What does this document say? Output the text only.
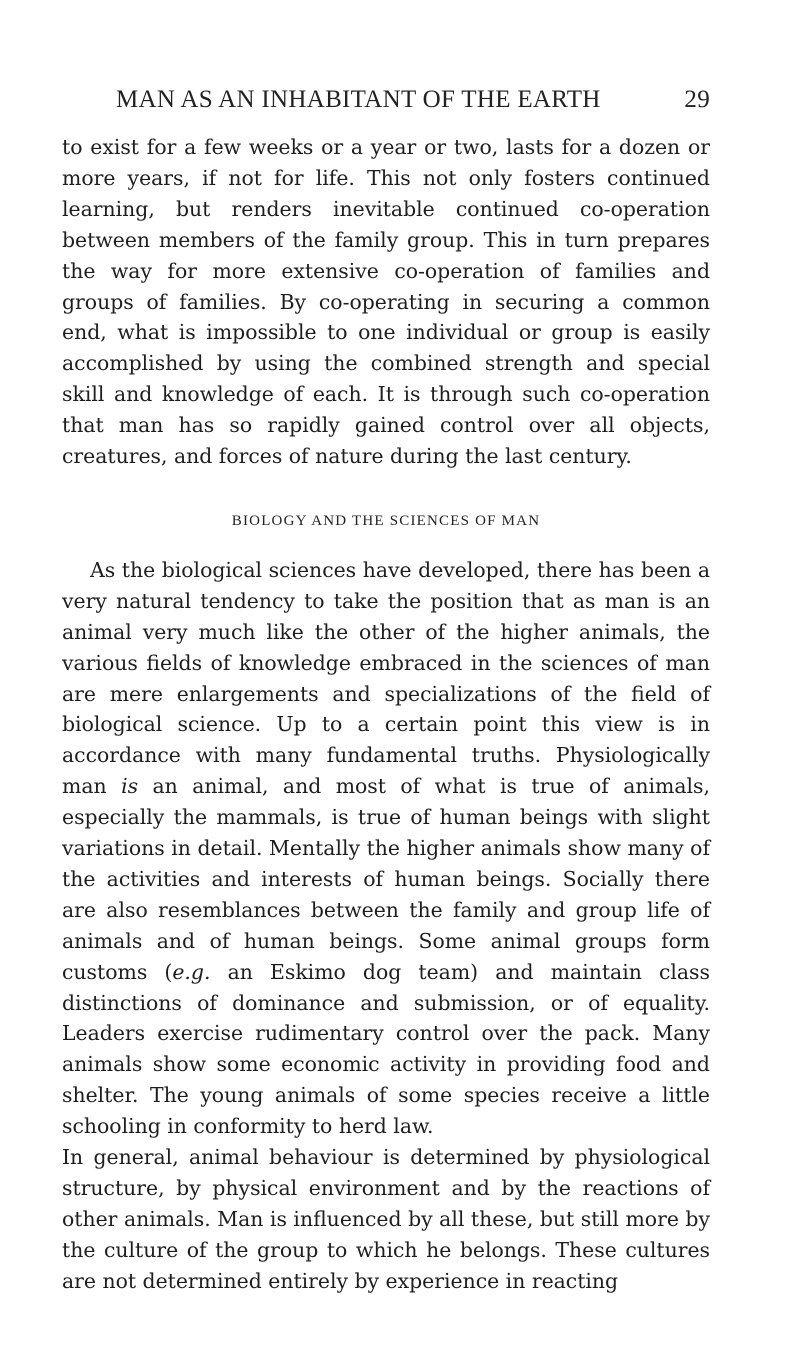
MAN AS AN INHABITANT OF THE EARTH	29

to exist for a few weeks or a year or two, lasts for a dozen or more years, if not for life. This not only fosters continued learning, but renders inevitable continued co-operation between members of the family group. This in turn prepares the way for more extensive co-operation of families and groups of families. By co-operating in securing a common end, what is impossible to one individual or group is easily accomplished by using the combined strength and special skill and knowledge of each. It is through such co-operation that man has so rapidly gained control over all objects, creatures, and forces of nature during the last century.

BIOLOGY AND THE SCIENCES OF MAN

As the biological sciences have developed, there has been a very natural tendency to take the position that as man is an animal very much like the other of the higher animals, the various fields of knowledge embraced in the sciences of man are mere enlargements and specializations of the field of biological science. Up to a certain point this view is in accordance with many fundamental truths. Physiologically man is an animal, and most of what is true of animals, especially the mammals, is true of human beings with slight variations in detail. Mentally the higher animals show many of the activities and interests of human beings. Socially there are also resemblances between the family and group life of animals and of human beings. Some animal groups form customs (e.g. an Eskimo dog team) and maintain class distinctions of dominance and submission, or of equality. Leaders exercise rudimentary control over the pack. Many animals show some economic activity in providing food and shelter. The young animals of some species receive a little schooling in conformity to herd law.

In general, animal behaviour is determined by physiological structure, by physical environment and by the reactions of other animals. Man is influenced by all these, but still more by the culture of the group to which he belongs. These cultures are not determined entirely by experience in reacting
